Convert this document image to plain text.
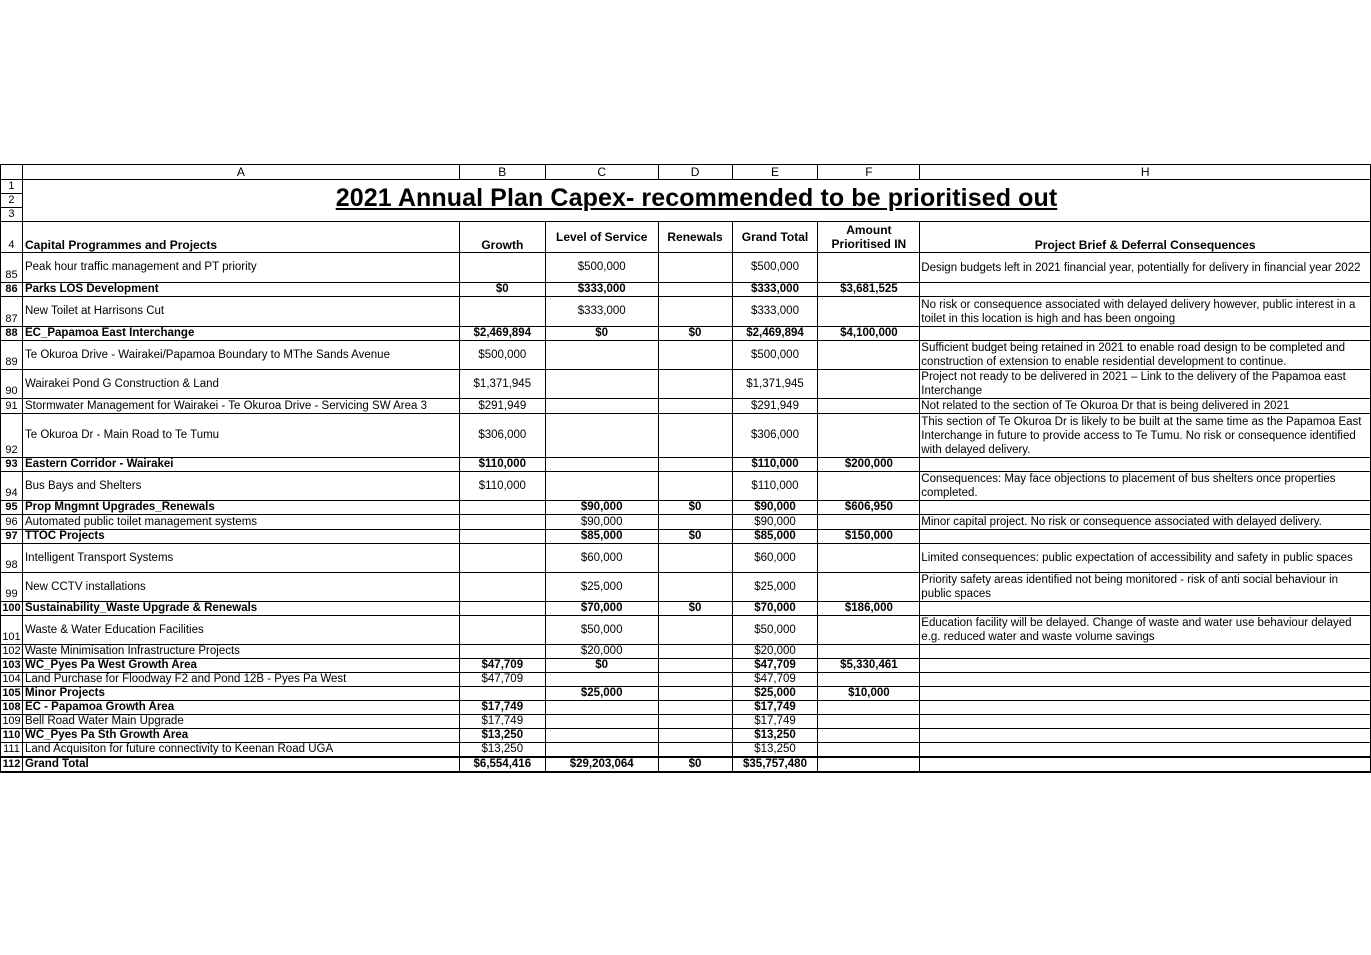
	A	B	C	D	E	F	H
1	2021 Annual Plan Capex- recommended to be prioritised out						
2							
3							
4	Capital Programmes and Projects	Growth	Level of Service	Renewals	Grand Total	Amount Prioritised IN	Project Brief & Deferral Consequences
85	Peak hour traffic management and PT priority		$500,000		$500,000		Design budgets left in 2021 financial year, potentially for delivery in financial year 2022
86	Parks LOS Development	$0	$333,000		$333,000	$3,681,525	
87	New Toilet at Harrisons Cut		$333,000		$333,000		No risk or consequence associated with delayed delivery however, public interest in a toilet in this location is high and has been ongoing
88	EC_Papamoa East Interchange	$2,469,894	$0	$0	$2,469,894	$4,100,000	
89	Te Okuroa Drive - Wairakei/Papamoa Boundary to MThe Sands Avenue	$500,000			$500,000		Sufficient budget being retained in 2021 to enable road design to be completed and construction of extension to enable residential development to continue.
90	Wairakei Pond G Construction & Land	$1,371,945			$1,371,945		Project not ready to be delivered in 2021 – Link to the delivery of the Papamoa east Interchange
91	Stormwater Management for Wairakei - Te Okuroa Drive - Servicing SW Area 3	$291,949			$291,949		Not related to the section of Te Okuroa Dr that is being delivered in 2021
92	Te Okuroa Dr - Main Road to Te Tumu	$306,000			$306,000		This section of Te Okuroa Dr is likely to be built at the same time as the Papamoa East Interchange in future to provide access to Te Tumu. No risk or consequence identified with delayed delivery.
93	Eastern Corridor - Wairakei	$110,000			$110,000	$200,000	
94	Bus Bays and Shelters	$110,000			$110,000		Consequences: May face objections to placement of bus shelters once properties completed.
95	Prop Mngmnt Upgrades_Renewals		$90,000	$0	$90,000	$606,950	
96	Automated public toilet management systems		$90,000		$90,000		Minor capital project. No risk or consequence associated with delayed delivery.
97	TTOC Projects		$85,000	$0	$85,000	$150,000	
98	Intelligent Transport Systems		$60,000		$60,000		Limited consequences: public expectation of accessibility and safety in public spaces
99	New CCTV installations		$25,000		$25,000		Priority safety areas identified not being monitored - risk of anti social behaviour in public spaces
100	Sustainability_Waste Upgrade & Renewals		$70,000	$0	$70,000	$186,000	
101	Waste & Water Education Facilities		$50,000		$50,000		Education facility will be delayed. Change of waste and water use behaviour delayed e.g. reduced water and waste volume savings
102	Waste Minimisation Infrastructure Projects		$20,000		$20,000		
103	WC_Pyes Pa West Growth Area	$47,709	$0		$47,709	$5,330,461	
104	Land Purchase for Floodway F2 and Pond 12B - Pyes Pa West	$47,709			$47,709		
105	Minor Projects		$25,000		$25,000	$10,000	
108	EC - Papamoa Growth Area	$17,749			$17,749		
109	Bell Road Water Main Upgrade	$17,749			$17,749		
110	WC_Pyes Pa Sth Growth Area	$13,250			$13,250		
111	Land Acquisiton for future connectivity to Keenan Road UGA	$13,250			$13,250		
112	Grand Total	$6,554,416	$29,203,064	$0	$35,757,480		
